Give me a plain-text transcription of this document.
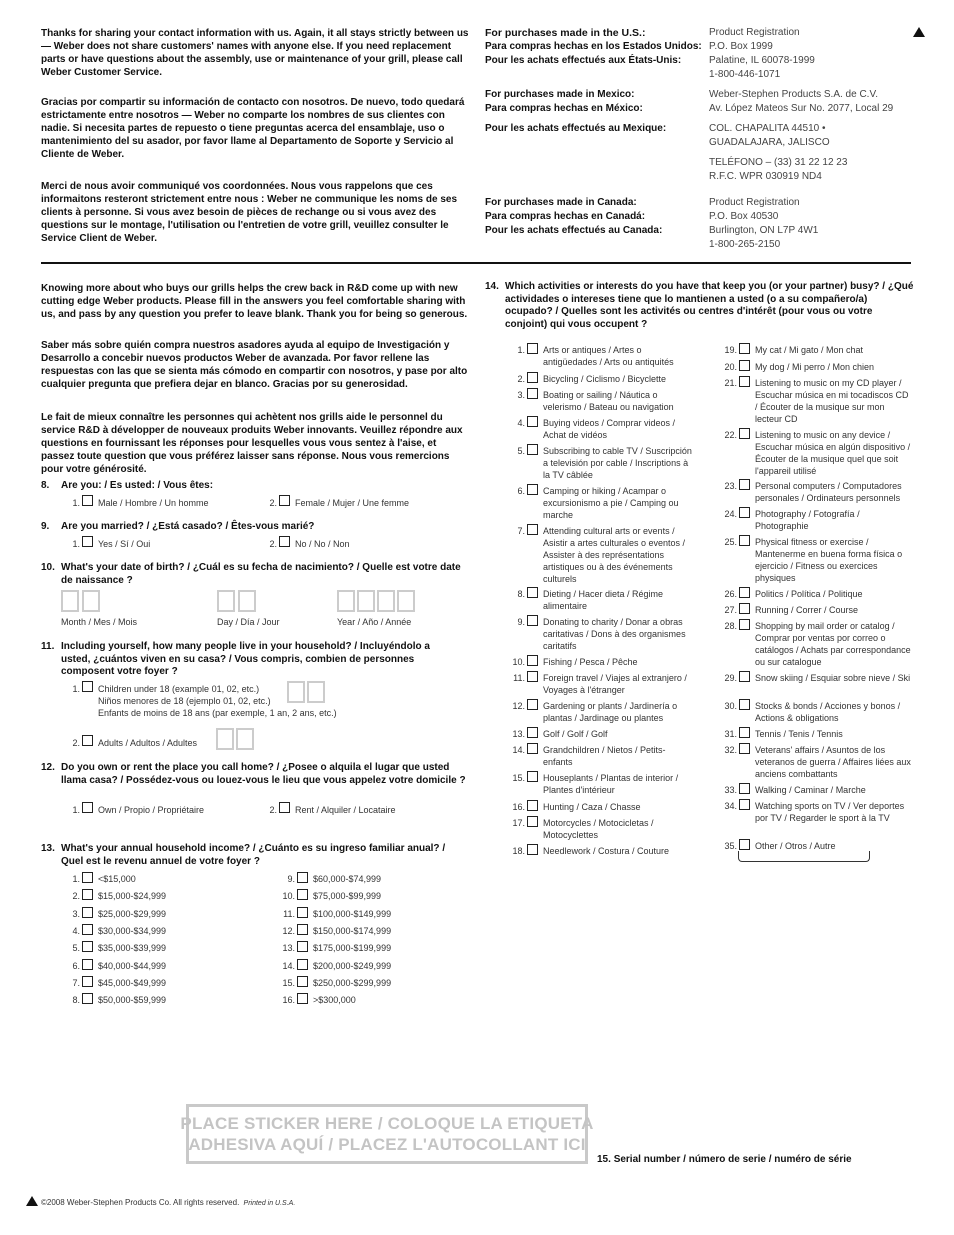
Thanks for sharing your contact information with us. Again, it all stays strictly between us — Weber does not share customers' names with anyone else. If you need replacement parts or have questions about the assembly, use or maintenance of your grill, please call Weber Customer Service.
Gracias por compartir su información de contacto con nosotros. De nuevo, todo quedará estrictamente entre nosotros — Weber no comparte los nombres de sus clientes con nadie. Si necesita partes de repuesto o tiene preguntas acerca del ensamblaje, uso o mantenimiento del su asador, por favor llame al Departamento de Soporte y Servicio al Cliente de Weber.
Merci de nous avoir communiqué vos coordonnées. Nous vous rappelons que ces informaitons resteront strictement entre nous : Weber ne communique les noms de ses clients à personne. Si vous avez besoin de pièces de rechange ou si vous avez des questions sur le montage, l'utilisation ou l'entretien de votre grill, veuillez consulter le Service Client de Weber.
For purchases made in the U.S.:
Para compras hechas en los Estados Unidos:
Pour les achats effectués aux États-Unis:
Product Registration
P.O. Box 1999
Palatine, IL 60078-1999
1-800-446-1071
For purchases made in Mexico:
Para compras hechas en México:
Pour les achats effectués au Mexique:
Weber-Stephen Products S.A. de C.V.
Av. López Mateos Sur No. 2077, Local 29
COL. CHAPALITA 44510 •
GUADALAJARA, JALISCO
TELÉFONO – (33) 31 22 12 23
R.F.C. WPR 030919 ND4
For purchases made in Canada:
Para compras hechas en Canadá:
Pour les achats effectués au Canada:
Product Registration
P.O. Box 40530
Burlington, ON L7P 4W1
1-800-265-2150
Knowing more about who buys our grills helps the crew back in R&D come up with new cutting edge Weber products. Please fill in the answers you feel comfortable sharing with us, and pass by any question you prefer to leave blank. Thank you for being so generous.
Saber más sobre quién compra nuestros asadores ayuda al equipo de Investigación y Desarrollo a concebir nuevos productos Weber de avanzada. Por favor rellene las respuestas con las que se sienta más cómodo en compartir con nosotros, y pase por alto cualquier pregunta que prefiera dejar en blanco. Gracias por su generosidad.
Le fait de mieux connaître les personnes qui achètent nos grills aide le personnel du service R&D à développer de nouveaux produits Weber innovants. Veuillez répondre aux questions en fournissant les réponses pour lesquelles vous vous sentez à l'aise, et passez toute question que vous préférez laisser sans réponse. Nous vous remercions pour votre générosité.
8. Are you: / Es usted: / Vous êtes:
1. Male / Hombre / Un homme	2. Female / Mujer / Une femme
9. Are you married? / ¿Está casado? / Êtes-vous marié?
1. Yes / Sí / Oui	2. No / No / Non
10. What's your date of birth? / ¿Cuál es su fecha de nacimiento? / Quelle est votre date de naissance ?
Month / Mes / Mois	Day / Día / Jour	Year / Año / Année
11. Including yourself, how many people live in your household? / Incluyéndolo a usted, ¿cuántos viven en su casa? / Vous compris, combien de personnes composent votre foyer ?
1. Children under 18 (example 01, 02, etc.)
Niños menores de 18 (ejemplo 01, 02, etc.)
Enfants de moins de 18 ans (par exemple, 1 an, 2 ans, etc.)
2. Adults / Adultos / Adultes
12. Do you own or rent the place you call home? / ¿Posee o alquila el lugar que usted llama casa? / Possédez-vous ou louez-vous le lieu que vous appelez votre domicile ?
1. Own / Propio / Propriétaire	2. Rent / Alquiler / Locataire
13. What's your annual household income? / ¿Cuánto es su ingreso familiar anual? / Quel est le revenu annuel de votre foyer ?
1. <$15,000
2. $15,000-$24,999
3. $25,000-$29,999
4. $30,000-$34,999
5. $35,000-$39,999
6. $40,000-$44,999
7. $45,000-$49,999
8. $50,000-$59,999
9. $60,000-$74,999
10. $75,000-$99,999
11. $100,000-$149,999
12. $150,000-$174,999
13. $175,000-$199,999
14. $200,000-$249,999
15. $250,000-$299,999
16. >$300,000
14. Which activities or interests do you have that keep you (or your partner) busy? / ¿Qué actividades o intereses tiene que lo mantienen a usted (o a su compañero/a) ocupado? / Quelles sont les activités ou centres d'intérêt (pour vous ou votre conjoint) qui vous occupent ?
1. Arts or antiques / Artes o antigüedades / Arts ou antiquités
2. Bicycling / Ciclismo / Bicyclette
3. Boating or sailing / Náutica o velerismo / Bateau ou navigation
4. Buying videos / Comprar videos / Achat de vidéos
5. Subscribing to cable TV / Suscripción a televisión por cable / Inscriptions à la TV câblée
6. Camping or hiking / Acampar o excursionismo a pie / Camping ou marche
7. Attending cultural arts or events / Asistir a artes culturales o eventos / Assister à des représentations artistiques ou à des événements culturels
8. Dieting / Hacer dieta / Régime alimentaire
9. Donating to charity / Donar a obras caritativas / Dons à des organismes caritatifs
10. Fishing / Pesca / Pêche
11. Foreign travel / Viajes al extranjero / Voyages à l'étranger
12. Gardening or plants / Jardinería o plantas / Jardinage ou plantes
13. Golf / Golf / Golf
14. Grandchildren / Nietos / Petits-enfants
15. Houseplants / Plantas de interior / Plantes d'intérieur
16. Hunting / Caza / Chasse
17. Motorcycles / Motocicletas / Motocyclettes
18. Needlework / Costura / Couture
19. My cat / Mi gato / Mon chat
20. My dog / Mi perro / Mon chien
21. Listening to music on my CD player / Escuchar música en mi tocadiscos CD / Écouter de la musique sur mon lecteur CD
22. Listening to music on any device / Escuchar música en algún dispositivo / Écouter de la musique quel que soit l'appareil utilisé
23. Personal computers / Computadores personales / Ordinateurs personnels
24. Photography / Fotografía / Photographie
25. Physical fitness or exercise / Mantenerme en buena forma física o ejercicio / Fitness ou exercices physiques
26. Politics / Política / Politique
27. Running / Correr / Course
28. Shopping by mail order or catalog / Comprar por ventas por correo o catálogos / Achats par correspondance ou sur catalogue
29. Snow skiing / Esquiar sobre nieve / Ski
30. Stocks & bonds / Acciones y bonos / Actions & obligations
31. Tennis / Tenis / Tennis
32. Veterans' affairs / Asuntos de los veteranos de guerra / Affaires liées aux anciens combattants
33. Walking / Caminar / Marche
34. Watching sports on TV / Ver deportes por TV / Regarder le sport à la TV
35. Other / Otros / Autre
PLACE STICKER HERE / COLOQUE LA ETIQUETA
ADHESIVA AQUÍ / PLACEZ L'AUTOCOLLANT ICI
15. Serial number / número de serie / numéro de série
©2008 Weber-Stephen Products Co. All rights reserved. Printed in U.S.A.
